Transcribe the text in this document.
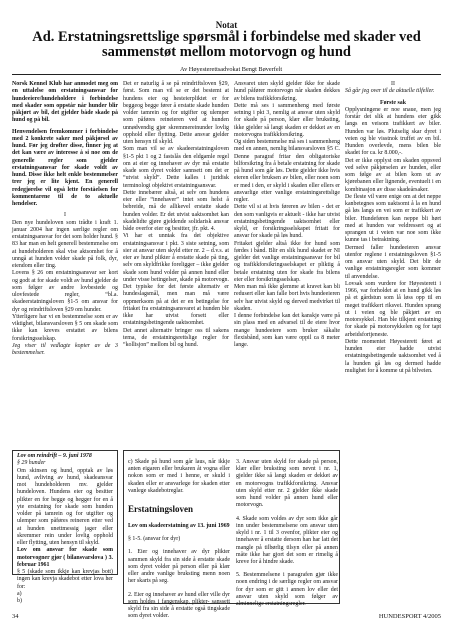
Notat
Ad. Erstatningsrettslige spørsmål i forbindelse med skader ved sammenstøt mellom motorvogn og hund
Av Høyesterettsadvokat Bengt Bøverfelt

Norsk Kennel Klub har anmodet meg om en uttalelse om erstatningsansvar for hundeeiere/hundeholdere i forbindelse med skader som oppstår når hunder blir påkjørt av bil, det gjelder både skade på hund og på bil.

Henvendelsen fremkommer i forbindelse med 2 konkrete saker med påkjørsel av hund. Før jeg drøfter disse, finner jeg at det kan være av interesse å si noe om de generelle regler som gjelder erstatningsansvar for skade voldt av hund. Disse ikke helt enkle bestemmelser trer jeg er lite kjent. En generell redegjørelse vil også lette forståelsen for kommentarene til de to aktuelle hendelser.

I

Den nye hundeloven som trådte i kraft 1. januar 2004 har ingen særlige regler om erstatningsansvar for det som holder hund. § 83 har man en helt generell bestemmelse om at hundeholderen skal vise aktsomhet for å unngå at hunden volder skade på folk, dyr, eiendom eller ting.

Lovens § 26 om erstatningsansvar ser kort og godt at for skade voldt av hund gjelder de som følger av andre lovbestede og ulovfestede regler, “bl.a. skadeerstatningsloven §1-5 om ansvar for dyr og reindriftsloven §29 om hunder.

Ytterligere har vi en bestemmelse som er av viktighet, bilansvarsloven § 5 om skade som ikke kan kreves erstattet av bilens forsikringsselskap.

Jeg viser til vedlagte kopier av de 3 bestemmelser.

Det er naturlig å se på reindriftsloven §29, først. Som man vil se er det bestemt at hundens eier og hesteierpliktet er for beggeog begge fører å erstatte skade hunden volder tamrein og for utgifter og ulemper som påføres reineieren ved at hunden unnødvendig gjør skremmereinunder lovlig opphold eller flytting. Dette ansvar gjelder uten hensyn til skyld.

Som man vil se av skadeerstatningsloven §1-5 pkt 1 og 2 fastslås den eldgamle regel om at eier og innehaver av dyr må erstatte skade som dyret volder sannsett om det er “utvist skyld”. Dette kalles i juridisk terminologi objektivt erstatningsansvar.

Dette innebærer altså, at selv om hundens eier eller “innehaver” intet som helst å bebreide, må de allikevel erstatte skade hunden volder. Er det utvist uaktsomhet kan skadelidte gjøre gjeldende solidarisk ansvar både overfor eier og besitter, jfr. pkt. 4.

Vi har et unntak fra det objektive erstatningsansvar i pkt. 3 siste setning, som sier at ansvar uten skyld etter nr. 2 – d.v.s. at eier av hund plikter å erstatte skade på ting, selv om skyldfrikke foreligger – ikke gjelder skade som hund volder på annen hund eller under visse betingelser, skade på motorvogn.

Det typiske for det første alternativ er hundeslagsmål, men man må være oppmerksom på at det er en betingelse for fritaket fra erstatningsansvaret at hunden ble ikke har utvist forsett eller erstatningsbetingende uaktsomhet.

Det annet alternativ bringer oss til sakens tema, de erstatningsrettslige regler for “kollisjon” mellom bil og hund.

Ansvaret uten skyld gjelder ikke for skade hund påfører motorvogn når skaden dekkes av bilens trafikkforsikring.

Dette må ses i sammenheng med første setning i pkt 3, nemlig at ansvar uten skyld for skade på person, klær eller bruksting, ikke gjelder så langt skaden er dekket av en motorvogns trafikkforsikring.

Og siden bestemmelse må ses i sammenheng med en annen, nemlig bilansvarsloven §5 C. Denne paragraf fritar den obligatoriske bilforsikring fra å betale erstatning for skade på hund som går løs. Dette gjelder ikke hvis eieren eller bruksen av bilen, eller noen som er med i den, er skyld i skaden eller ellers er ansvarlige etter vanlige erstatningsrettslige regler.

Dette vil si at hvis føreren av bilen - det er den som vanligvis er aktuelt - ikke har utvist erstatningsbetingende uaktsomhet eller skyld, er forsikringsselskapet fritatt for ansvar for skade på løs hund.

Fritaket gjelder altså ikke for hund som førdes i bånd. Blir en slik hund skadet er NI gjelder det vanlige erstatningsansvar for bil og trafikkforsikringsselskapet er pliktig å betale erstatning uten for skade fra bilens eier eller forsikringsselskap.

Men man må ikke glemme at kravet kan bli redusert eller kan falle bort hvis hundeeieren selv har utvist skyld og derved medvirket til skaden.

I denne forbindelse kan det kanskje være på sin plass med en advarsel til de eiere hvor mange hundeeiere som bruker såkalte flexisbånd, som kan være oppil ca 8 meter lange.

II

Så går jeg over til de aktuelle tilfeller.

Første sak

Opplysningene er noe snaue, men jeg forstår det slik at hundens eier gikk langs en veisom trafikkert av biler. Hunden var løs. Plutselig skar dyret i veien og ble visstnok truffet av en bil. Hunden overlevde, mens bilen ble skadet for ca. kr 8.000,-.

Det er ikke opplyst om skaden oppsved ved selve påkjørselen av hunden, eller som følge av at bilen kom ut av kjørebanen eller lignende, eventuelt i en kombinasjon av disse skadeårsaker.

De fleste vil være enige om at det neppe kanbetegnes som uaktsomt å la en hund gå løs langs en vei som er trafikkert av biler. Hundeføren kan neppe bli hørt med at hunden var veldressert og at sprangen ut i veien var noe som ikke kunne tas i betraktning.

Dermed faller hundeeieren ansvar utenfor reglene i erstatningsloven §1-5 om ansvar uten skyld. Det blir de vanlige erstatningsregler som kommer til anvendelse.

Lovsak som vurdere for Høyesterett i 1966, var forholdet at en hund gikk løs på et gårdstun som lå løss opp til en meget trafikkert riksvei. Hunden sprang ut i veien og ble påkjørt av en motorsykkel. Han ble tilkjent erstatning for skade på motorsykkelen og for tapt arbeidsfortjeneste.

Dette momentet Høyesterett føret at hunden eier hadde utvist erstatningsbetingende uaktsomhet ved å la hunden gå løs og dermed hadde mulighet for å komme ut på bilveien.

Lov om reindrift – 9. juni 1978

§ 29 hunder

Om skinsen og hund, opptak av løs hund, avliving av hund, skadeansvar mot hundeholderen mv. gjelder hundeloven. Hundens eier og besitter plikter en for begge og hegger for en å yte erstatning for skade som hunden volder på tamrein og for utgifter og ulemper som påføres reineren etter ved at hunden unettmessig jager eller skremmer rein under lovlig opphold eller flytting, uten hensyn til skyld.

Lov om ansvar for skade som motorvogner gjør ( bilansvarslova ) 3. februar 1961

§ 5 (skade som ikkje kan krevjas bott) ingen kan krevja skadebot etter lova her for:

a)

b)

c) Skade på hund som går laus, når ikkje anten eigaren eller brukaren åt vogna eller nokon som er med i henne, er skuld i skaden eller er ansvarlege for skaden etter vanlege skadebotreglar.

Erstatningsloven

Lov om skadeerstatning av 13. juni 1969

§ 1-5. (ansvar for dyr)

1. Eier og innehaver av dyr plikter sammen skyld fra sin side å erstatte skade som dyret volder på person eller på klær eller andre vanlige bruksting menn noen her skarts på seg.

2. Eier og innehaver av hund eller ville dyr som holdes i fangenskap, plikter- sanssett skyld fra sin side å erstatte også tingskade som dyret volder.

3. Ansvar uten skyld for skade på person, klær eller bruksting som nevnt i nr. 1, gjelder ikke så langt skaden er dekket av en motorvogns trafikkforsikring. Ansvar uten skyld etter nr. 2 gjelder ikke skade som hund volder på annen hund eller motorvogn.

4. Skade som voldes av dyr som ikke går inn under bestemmelsene om ansvar uten skyld i nr. 1 til 3 ovenfor, plikter eier og innehaver å erstatte dersom han har latt det mangle på tilbørlig tilsyn eller på annen måte ikke har gjort det som er rimelig å kreve for å hindre skade.

5. Bestemmelsene i paragrafen gjør ikke noen endring i de særlige regler om ansvar for dyr som er gitt i annen lov eller det ansvar uten skyld som følger av alminnelige erstatningsregler.

34	HUNDESPORT 4/2005
